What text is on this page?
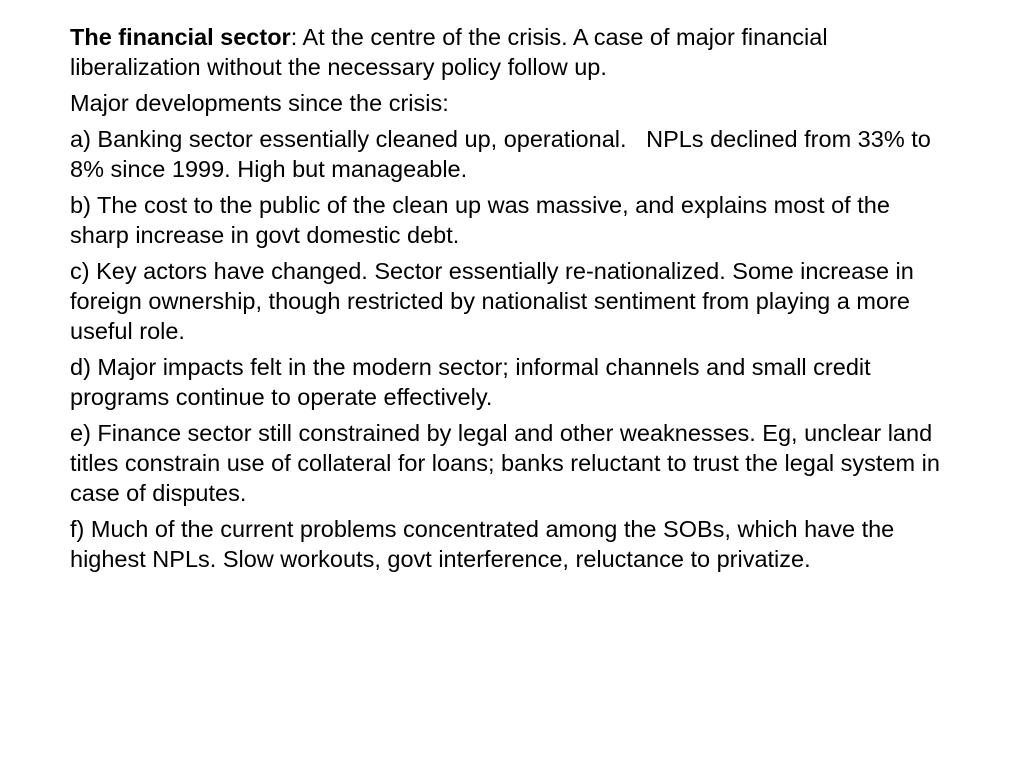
The financial sector: At the centre of the crisis. A case of major financial liberalization without the necessary policy follow up.

Major developments since the crisis:

a) Banking sector essentially cleaned up, operational.   NPLs declined from 33% to 8% since 1999. High but manageable.

b) The cost to the public of the clean up was massive, and explains most of the sharp increase in govt domestic debt.

c) Key actors have changed. Sector essentially re-nationalized. Some increase in foreign ownership, though restricted by nationalist sentiment from playing a more useful role.

d) Major impacts felt in the modern sector; informal channels and small credit programs continue to operate effectively.

e) Finance sector still constrained by legal and other weaknesses. Eg, unclear land titles constrain use of collateral for loans; banks reluctant to trust the legal system in case of disputes.

f) Much of the current problems concentrated among the SOBs, which have the highest NPLs. Slow workouts, govt interference, reluctance to privatize.
